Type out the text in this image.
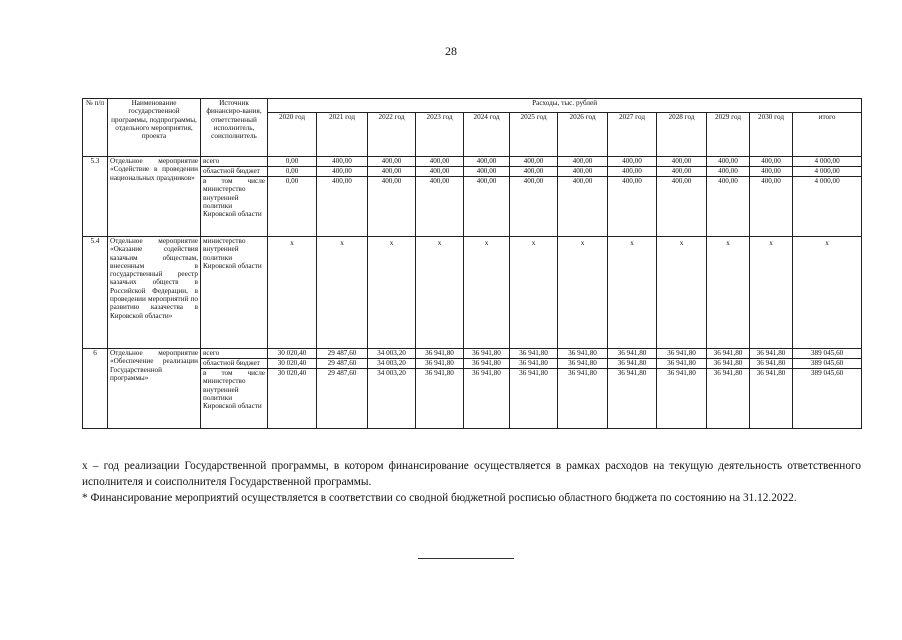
28
№ п/п	Наименование государственной программы, подпрограммы, отдельного мероприятия, проекта	Источник финансиро-вания, ответственный исполнитель, соисполнитель	Расходы, тыс. рублей											
			2020 год	2021 год	2022 год	2023 год	2024 год	2025 год	2026 год	2027 год	2028 год	2029 год	2030 год	итого
5.3	Отдельное мероприятие «Содействие в проведении национальных праздников»	всего	0,00	400,00	400,00	400,00	400,00	400,00	400,00	400,00	400,00	400,00	400,00	4 000,00
		областной бюджет	0,00	400,00	400,00	400,00	400,00	400,00	400,00	400,00	400,00	400,00	400,00	4 000,00
		в том числе министерство внутренней политики Кировской области	0,00	400,00	400,00	400,00	400,00	400,00	400,00	400,00	400,00	400,00	400,00	4 000,00
5.4	Отдельное мероприятие «Оказание содействия казачьим обществам, внесенным в государственный реестр казачьих обществ в Российской Федерации, в проведении мероприятий по развитию казачества в Кировской области»	министерство внутренней политики Кировской области	х	х	х	х	х	х	х	х	х	х	х	х
6	Отдельное мероприятие «Обеспечение реализации Государственной программы»	всего	30 020,40	29 487,60	34 003,20	36 941,80	36 941,80	36 941,80	36 941,80	36 941,80	36 941,80	36 941,80	36 941,80	389 045,60
		областной бюджет	30 020,40	29 487,60	34 003,20	36 941,80	36 941,80	36 941,80	36 941,80	36 941,80	36 941,80	36 941,80	36 941,80	389 045,60
		в том числе министерство внутренней политики Кировской области	30 020,40	29 487,60	34 003,20	36 941,80	36 941,80	36 941,80	36 941,80	36 941,80	36 941,80	36 941,80	36 941,80	389 045,60

х – год реализации Государственной программы, в котором финансирование осуществляется в рамках расходов на текущую деятельность ответственного исполнителя и соисполнителя Государственной программы.

* Финансирование мероприятий осуществляется в соответствии со сводной бюджетной росписью областного бюджета по состоянию на 31.12.2022.
